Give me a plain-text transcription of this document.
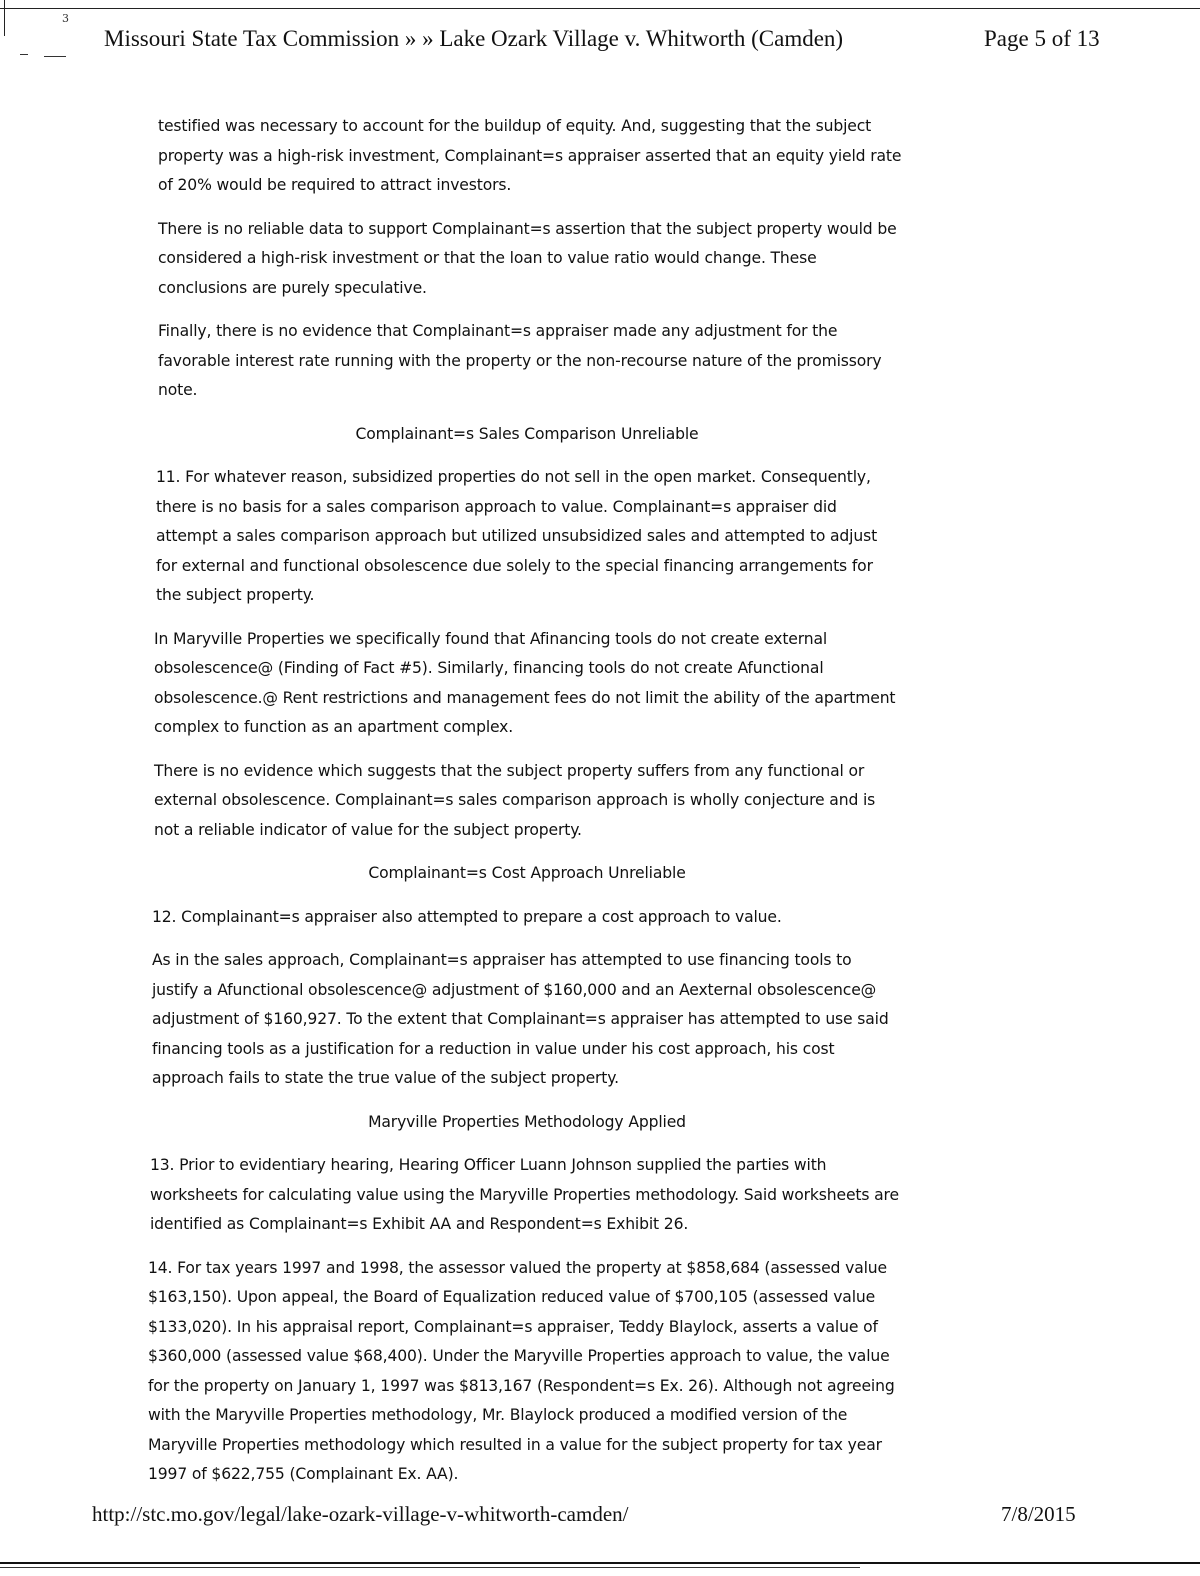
3
Missouri State Tax Commission » » Lake Ozark Village v. Whitworth (Camden)	Page 5 of 13

testified was necessary to account for the buildup of equity. And, suggesting that the subject property was a high-risk investment, Complainant=s appraiser asserted that an equity yield rate of 20% would be required to attract investors.

There is no reliable data to support Complainant=s assertion that the subject property would be considered a high-risk investment or that the loan to value ratio would change. These conclusions are purely speculative.

Finally, there is no evidence that Complainant=s appraiser made any adjustment for the favorable interest rate running with the property or the non-recourse nature of the promissory note.

Complainant=s Sales Comparison Unreliable

11. For whatever reason, subsidized properties do not sell in the open market. Consequently, there is no basis for a sales comparison approach to value. Complainant=s appraiser did attempt a sales comparison approach but utilized unsubsidized sales and attempted to adjust for external and functional obsolescence due solely to the special financing arrangements for the subject property.

In Maryville Properties we specifically found that Afinancing tools do not create external obsolescence@ (Finding of Fact #5). Similarly, financing tools do not create Afunctional obsolescence.@ Rent restrictions and management fees do not limit the ability of the apartment complex to function as an apartment complex.

There is no evidence which suggests that the subject property suffers from any functional or external obsolescence. Complainant=s sales comparison approach is wholly conjecture and is not a reliable indicator of value for the subject property.

Complainant=s Cost Approach Unreliable

12. Complainant=s appraiser also attempted to prepare a cost approach to value.

As in the sales approach, Complainant=s appraiser has attempted to use financing tools to justify a Afunctional obsolescence@ adjustment of $160,000 and an Aexternal obsolescence@ adjustment of $160,927. To the extent that Complainant=s appraiser has attempted to use said financing tools as a justification for a reduction in value under his cost approach, his cost approach fails to state the true value of the subject property.

Maryville Properties Methodology Applied

13. Prior to evidentiary hearing, Hearing Officer Luann Johnson supplied the parties with worksheets for calculating value using the Maryville Properties methodology. Said worksheets are identified as Complainant=s Exhibit AA and Respondent=s Exhibit 26.

14. For tax years 1997 and 1998, the assessor valued the property at $858,684 (assessed value $163,150). Upon appeal, the Board of Equalization reduced value of $700,105 (assessed value $133,020). In his appraisal report, Complainant=s appraiser, Teddy Blaylock, asserts a value of $360,000 (assessed value $68,400). Under the Maryville Properties approach to value, the value for the property on January 1, 1997 was $813,167 (Respondent=s Ex. 26). Although not agreeing with the Maryville Properties methodology, Mr. Blaylock produced a modified version of the Maryville Properties methodology which resulted in a value for the subject property for tax year 1997 of $622,755 (Complainant Ex. AA).

http://stc.mo.gov/legal/lake-ozark-village-v-whitworth-camden/	7/8/2015
